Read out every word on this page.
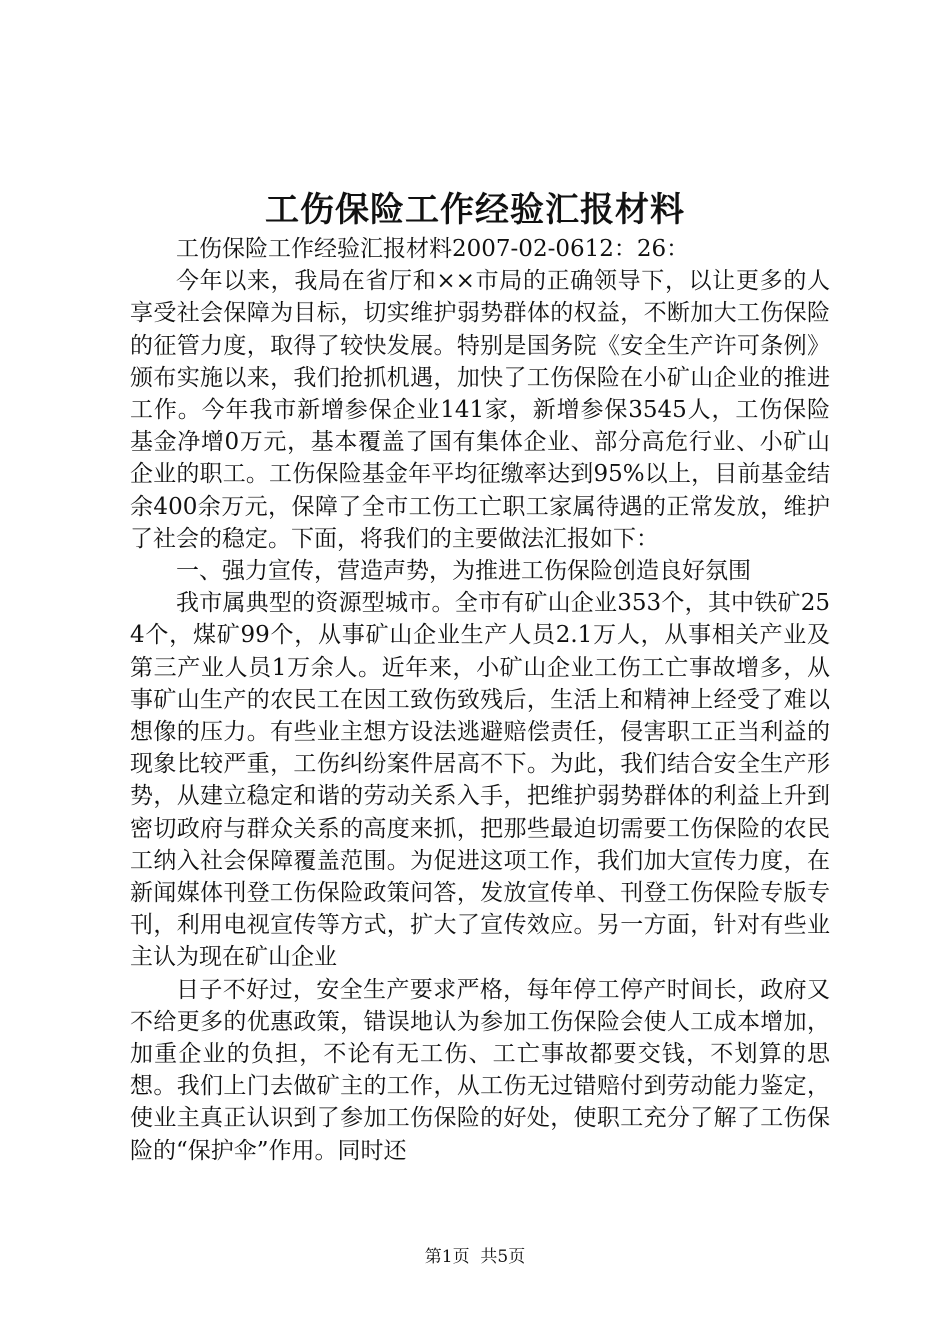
工伤保险工作经验汇报材料

工伤保险工作经验汇报材料2007-02-0612：26：

今年以来，我局在省厅和××市局的正确领导下，以让更多的人享受社会保障为目标，切实维护弱势群体的权益，不断加大工伤保险的征管力度，取得了较快发展。特别是国务院《安全生产许可条例》颁布实施以来，我们抢抓机遇，加快了工伤保险在小矿山企业的推进工作。今年我市新增参保企业141家，新增参保3545人，工伤保险基金净增0万元，基本覆盖了国有集体企业、部分高危行业、小矿山企业的职工。工伤保险基金年平均征缴率达到95%以上，目前基金结余400余万元，保障了全市工伤工亡职工家属待遇的正常发放，维护了社会的稳定。下面，将我们的主要做法汇报如下：

一、强力宣传，营造声势，为推进工伤保险创造良好氛围

我市属典型的资源型城市。全市有矿山企业353个，其中铁矿254个，煤矿99个，从事矿山企业生产人员2.1万人，从事相关产业及第三产业人员1万余人。近年来，小矿山企业工伤工亡事故增多，从事矿山生产的农民工在因工致伤致残后，生活上和精神上经受了难以想像的压力。有些业主想方设法逃避赔偿责任，侵害职工正当利益的现象比较严重，工伤纠纷案件居高不下。为此，我们结合安全生产形势，从建立稳定和谐的劳动关系入手，把维护弱势群体的利益上升到密切政府与群众关系的高度来抓，把那些最迫切需要工伤保险的农民工纳入社会保障覆盖范围。为促进这项工作，我们加大宣传力度，在新闻媒体刊登工伤保险政策问答，发放宣传单、刊登工伤保险专版专刊，利用电视宣传等方式，扩大了宣传效应。另一方面，针对有些业主认为现在矿山企业

日子不好过，安全生产要求严格，每年停工停产时间长，政府又不给更多的优惠政策，错误地认为参加工伤保险会使人工成本增加，加重企业的负担，不论有无工伤、工亡事故都要交钱，不划算的思想。我们上门去做矿主的工作，从工伤无过错赔付到劳动能力鉴定，使业主真正认识到了参加工伤保险的好处，使职工充分了解了工伤保险的“保护伞”作用。同时还

第1页 共5页
